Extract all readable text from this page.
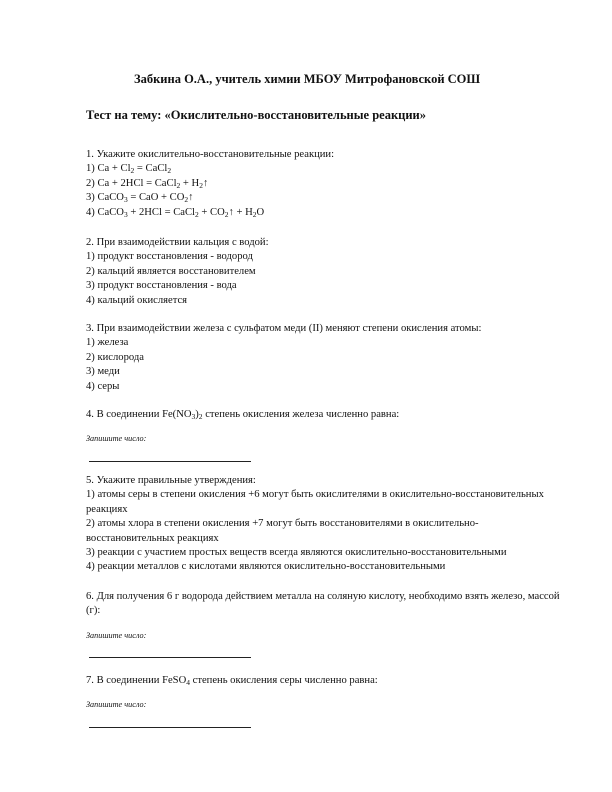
Забкина О.А., учитель химии МБОУ Митрофановской СОШ
Тест на тему: «Окислительно-восстановительные реакции»

1. Укажите окислительно-восстановительные реакции:

1) $Ca + Cl_2$ = CaCl$_2$

2) Ca + 2HCl = CaCl$_2$ + $H_2↑$

3) CaCO$_3$ = CaO + $CO_2↑$

4) CaCO$_3$ + 2HCl = CaCl$_2$ + $CO_2↑ + H_2O$

2. При взаимодействии кальция с водой:

1) продукт восстановления - водород

2) кальций является восстановителем

3) продукт восстановления - вода

4) кальций окисляется

3. При взаимодействии железа с сульфатом меди (II) меняют степени окисления атомы:

1) железа

2) кислорода

3) меди

4) серы

4. В соединении $Fe(NO_3)_2$ степень окисления железа численно равна:

Запишите число:

5. Укажите правильные утверждения:

1) атомы серы в степени окисления +6 могут быть окислителями в окислительно-восстановительных реакциях

2) атомы хлора в степени окисления +7 могут быть восстановителями в окислительно-восстановительных реакциях

3) реакции с участием простых веществ всегда являются окислительно-восстановительными

4) реакции металлов с кислотами являются окислительно-восстановительными

6. Для получения 6 г водорода действием металла на соляную кислоту, необходимо взять железо, массой (г):

Запишите число:

7. В соединении FeSO$_4$ степень окисления серы численно равна:

Запишите число:
